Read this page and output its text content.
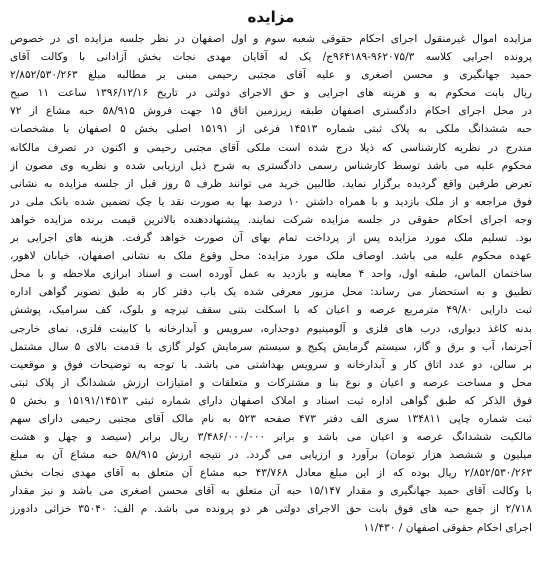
مزایده
مزایده اموال غیرمنقول اجرای احکام حقوقی شعبه سوم و اول اصفهان در نظر جلسه مزایده ای در خصوص
پرونده اجرایی کلاسه ۹۶۲۰۷۵/۳-۹۶۴۱۸۹ج/ یک له آقایان مهدی نجات بخش آزادانی با وکالت آقای
حمید جهانگیری و محسن اصغری و علیه آقای مجتبی رحیمی مبنی بر مطالبه مبلغ ۲/۸۵۲/۵۳۰/۲۶۳
ریال بابت محکوم به و هزینه های اجرایی و حق الاجرای دولتی در تاریخ ۱۳۹۶/۱۲/۱۶ ساعت ۱۱ صبح
در محل اجرای احکام دادگستری اصفهان طبقه زیرزمین اتاق ۱۵ جهت فروش ۵۸/۹۱۵ حبه مشاع از ۷۲
حبه ششدانگ ملکی به پلاک ثبتی شماره ۱۴۵۱۳ فرعی از ۱۵۱۹۱ اصلی بخش ۵ اصفهان با مشخصات
مندرج در نظریه کارشناسی که ذیلا درج شده است ملکی آقای مجتبی رحیمی و اکنون در تصرف مالکانه
محکوم علیه می باشد توسط کارشناس رسمی دادگستری به شرح ذیل ارزیابی شده و نظریه وی مصون از
تعرض طرفین واقع گردیده برگزار نماید. طالبین خرید می توانند ظرف ۵ روز قبل از جلسه مزایده به نشانی
فوق مراجعه و از ملک بازدید و با همراه داشتن ۱۰ درصد بها به صورت نقد یا چک تضمین شده بانک ملی در
وجه اجرای احکام حقوقی در جلسه مزایده شرکت نمایند. پیشنهاددهنده بالاترین قیمت برنده مزایده خواهد
بود. تسلیم ملک مورد مزایده پس از پرداخت تمام بهای آن صورت خواهد گرفت. هزینه های اجرایی بر
عهده محکوم علیه می باشد. اوصاف ملک مورد مزایده: محل وقوع ملک به نشانی اصفهان، خیابان لاهور،
ساختمان الماس، طبقه اول، واحد ۴ معاینه و بازدید به عمل آورده است و اسناد ابرازی ملاحظه و با محل
تطبیق و به استحضار می رساند: محل مزبور معرفی شده یک باب دفتر کار به طبق تصویر گواهی اداره
ثبت دارایی ۴۹/۸۰ مترمربع عرصه و اعیان که با اسکلت بتنی سقف تیرچه و بلوک، کف سرامیک، پوشش
بدنه کاغذ دیواری، درب های فلزی و آلومینیوم دوجداره، سرویس و آبدارخانه با کابینت فلزی، نمای خارجی
آجرنما، آب و برق و گاز، سیستم گرمایش پکیج و سیستم سرمایش کولر گازی با قدمت بالای ۵ سال مشتمل
بر سالن، دو عدد اتاق کار و آبدارخانه و سرویس بهداشتی می باشد. با توجه به توضیحات فوق و موقعیت
محل و مساحت عرصه و اعیان و نوع بنا و مشترکات و متعلقات و امتیازات ارزش ششدانگ از پلاک ثبتی
فوق الذکر که طبق گواهی اداره ثبت اسناد و املاک اصفهان دارای شماره ثبتی ۱۵۱۹۱/۱۴۵۱۳ و بخش ۵
ثبت شماره چاپی ۱۳۴۸۱۱ سری الف دفتر ۴۷۳ صفحه ۵۲۳ به نام مالک آقای مجتبی رحیمی دارای سهم
مالکیت ششدانگ عرصه و اعیان می باشد و برابر ۳/۴۸۶/۰۰۰/۰۰۰ ریال برابر (سیصد و چهل و هشت
میلیون و ششصد هزار تومان) برآورد و ارزیابی می گردد. در نتیجه ارزش ۵۸/۹۱۵ حبه مشاع آن به مبلغ
۲/۸۵۲/۵۳۰/۲۶۳ ریال بوده که از این مبلغ معادل ۴۳/۷۶۸ حبه مشاع آن متعلق به آقای مهدی نجات بخش
با وکالت آقای حمید جهانگیری و مقدار ۱۵/۱۴۷ حبه آن متعلق به آقای محسن اصغری می باشد و نیز مقدار
۲/۷۱۸ از جمع حبه های فوق بابت حق الاجرای دولتی هر دو پرونده می باشد. م الف: ۳۵۰۴۰ خزائی دادورز
اجرای احکام حقوقی اصفهان / ۱۱/۴۳۰
